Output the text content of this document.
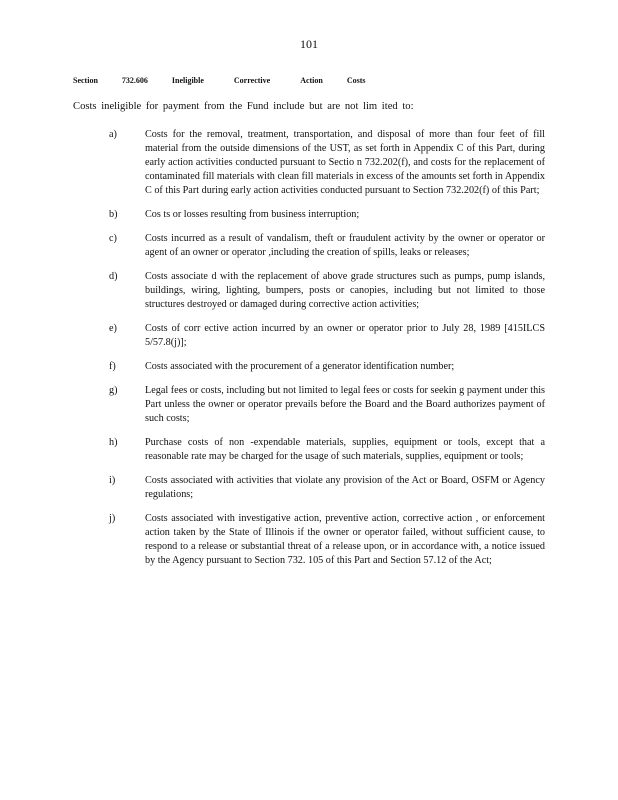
101
Section	732.606	Ineligible	Corrective	Action	Costs
Costs ineligible for payment from the Fund include but are not lim ited to:
a)	Costs for the removal, treatment, transportation, and disposal of more than four feet of fill material from the outside dimensions of the UST, as set forth in Appendix C of this Part, during early action activities conducted pursuant to Sectio n 732.202(f), and costs for the replacement of contaminated fill materials with clean fill materials in excess of the amounts set forth in Appendix C of this Part during early action activities conducted pursuant to Section 732.202(f) of this Part;
b)	Cos ts or losses resulting from business interruption;
c)	Costs incurred as a result of vandalism, theft or fraudulent activity by the owner or operator or agent of an owner or operator ,including the creation of spills, leaks or releases;
d)	Costs associate d with the replacement of above grade structures such as pumps, pump islands, buildings, wiring, lighting, bumpers, posts or canopies, including but not limited to those structures destroyed or damaged during corrective action activities;
e)	Costs of corr ective action incurred by an owner or operator prior to July 28, 1989 [415ILCS 5/57.8(j)];
f)	Costs associated with the procurement of a generator identification number;
g)	Legal fees or costs, including but not limited to legal fees or costs for seekin g payment under this Part unless the owner or operator prevails before the Board and the Board authorizes payment of such costs;
h)	Purchase costs of non -expendable materials, supplies, equipment or tools, except that a reasonable rate may be charged for the usage of such materials, supplies, equipment or tools;
i)	Costs associated with activities that violate any provision of the Act or Board, OSFM or Agency regulations;
j)	Costs associated with investigative action, preventive action, corrective action , or enforcement action taken by the State of Illinois if the owner or operator failed, without sufficient cause, to respond to a release or substantial threat of a release upon, or in accordance with, a notice issued by the Agency pursuant to Section 732. 105 of this Part and Section 57.12 of the Act;
